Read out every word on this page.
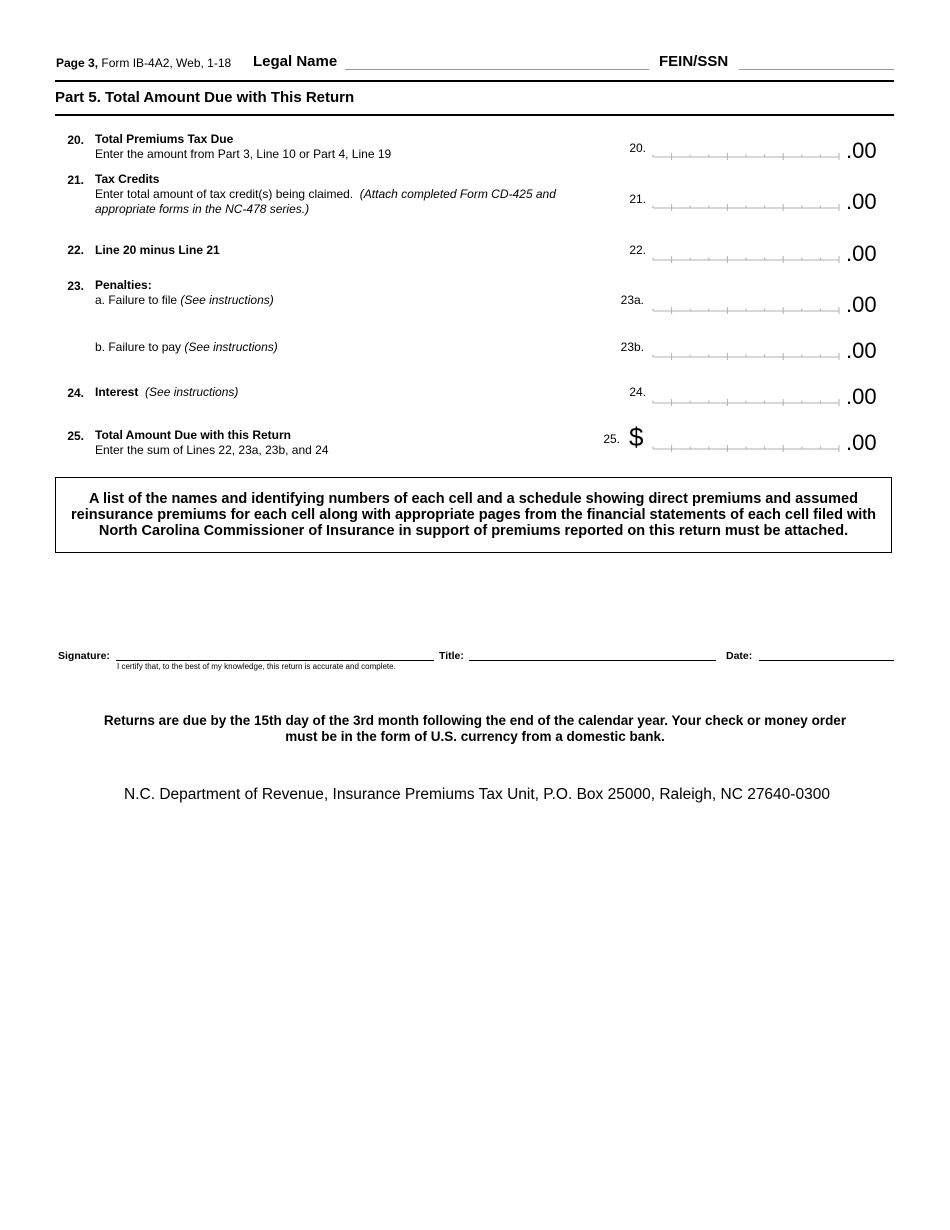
Page 3, Form IB-4A2, Web, 1-18 Legal Name	FEIN/SSN
Part 5. Total Amount Due with This Return
20. Total Premiums Tax Due
Enter the amount from Part 3, Line 10 or Part 4, Line 19	20.	.00
21. Tax Credits
Enter total amount of tax credit(s) being claimed. (Attach completed Form CD-425 and
appropriate forms in the NC-478 series.)
21.	.00
22. Line 20 minus Line 21	22.	.00
23. Penalties:
a. Failure to file (See instructions)	23a.	.00
b. Failure to pay (See instructions)	23b.	.00
24. Interest (See instructions)	24.	.00
25. Total Amount Due with this Return
Enter the sum of Lines 22, 23a, 23b, and 24
25. $	.00
A list of the names and identifying numbers of each cell and a schedule showing direct premiums and assumed reinsurance premiums for each cell along with appropriate pages from the financial statements of each cell filed with North Carolina Commissioner of Insurance in support of premiums reported on this return must be attached.
Signature:
I certify that, to the best of my knowledge, this return is accurate and complete.
Title:	Date:
Returns are due by the 15th day of the 3rd month following the end of the calendar year. Your check or money order must be in the form of U.S. currency from a domestic bank.
N.C. Department of Revenue, Insurance Premiums Tax Unit, P.O. Box 25000, Raleigh, NC 27640-0300
